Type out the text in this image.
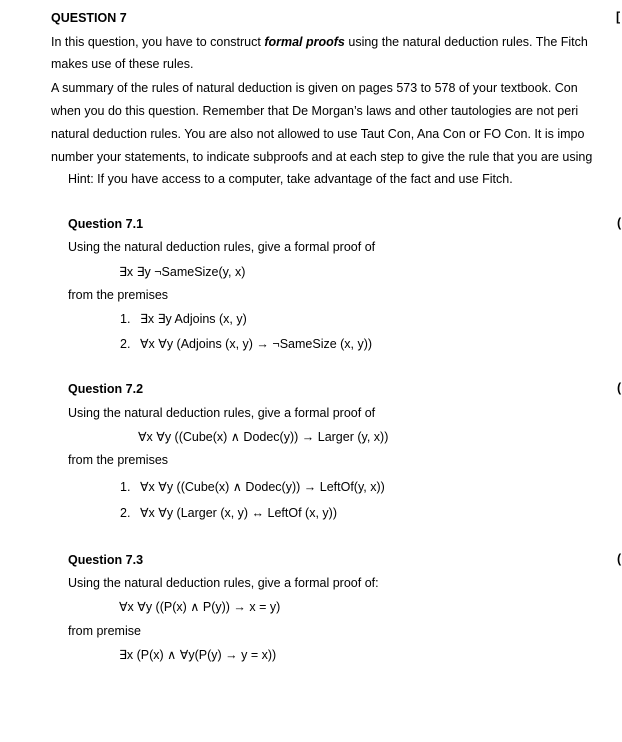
QUESTION 7	[
In this question, you have to construct formal proofs using the natural deduction rules. The Fitch
makes use of these rules.
A summary of the rules of natural deduction is given on pages 573 to 578 of your textbook. Con
when you do this question. Remember that De Morgan’s laws and other tautologies are not peri
natural deduction rules. You are also not allowed to use Taut Con, Ana Con or FO Con. It is impo
number your statements, to indicate subproofs and at each step to give the rule that you are using
Hint: If you have access to a computer, take advantage of the fact and use Fitch.
Question 7.1	(
Using the natural deduction rules, give a formal proof of
∃x ∃y ¬SameSize(y, x)
from the premises
1. ∃x ∃y Adjoins (x, y)
2. ∀x ∀y (Adjoins (x, y) → ¬SameSize (x, y))
Question 7.2	(
Using the natural deduction rules, give a formal proof of
∀x ∀y ((Cube(x) ∧ Dodec(y)) → Larger (y, x))
from the premises
1. ∀x ∀y ((Cube(x) ∧ Dodec(y)) → LeftOf(y, x))
2. ∀x ∀y (Larger (x, y) ↔ LeftOf (x, y))
Question 7.3	(
Using the natural deduction rules, give a formal proof of:
∀x ∀y ((P(x) ∧ P(y)) → x = y)
from premise
∃x (P(x) ∧ ∀y(P(y) → y = x))
